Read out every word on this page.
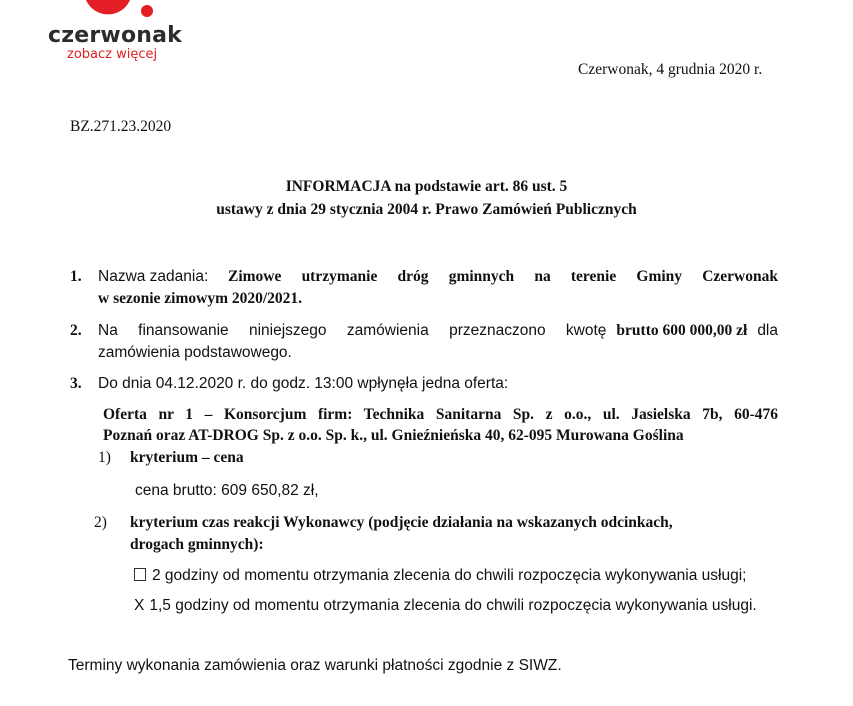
czerwonak
zobacz więcej
Czerwonak, 4 grudnia 2020 r.
BZ.271.23.2020
INFORMACJA na podstawie art. 86 ust. 5
ustawy z dnia 29 stycznia 2004 r. Prawo Zamówień Publicznych
1. Nazwa zadania:	Zimowe utrzymanie dróg gminnych na terenie Gminy Czerwonak
w sezonie zimowym 2020/2021.
2. Na finansowanie niniejszego zamówienia przeznaczono kwotę brutto 600 000,00 zł dla
zamówienia podstawowego.
3. Do dnia 04.12.2020 r. do godz. 13:00 wpłynęła jedna oferta:
Oferta nr 1 – Konsorcjum firm: Technika Sanitarna Sp. z o.o., ul. Jasielska 7b, 60-476
Poznań oraz AT-DROG Sp. z o.o. Sp. k., ul. Gnieźnieńska 40, 62-095 Murowana Goślina
1) kryterium – cena
cena brutto: 609 650,82 zł,
2) kryterium czas reakcji Wykonawcy (podjęcie działania na wskazanych odcinkach,
drogach gminnych):
2 godziny od momentu otrzymania zlecenia do chwili rozpoczęcia wykonywania usługi;
X 1,5 godziny od momentu otrzymania zlecenia do chwili rozpoczęcia wykonywania usługi.
Terminy wykonania zamówienia oraz warunki płatności zgodnie z SIWZ.
